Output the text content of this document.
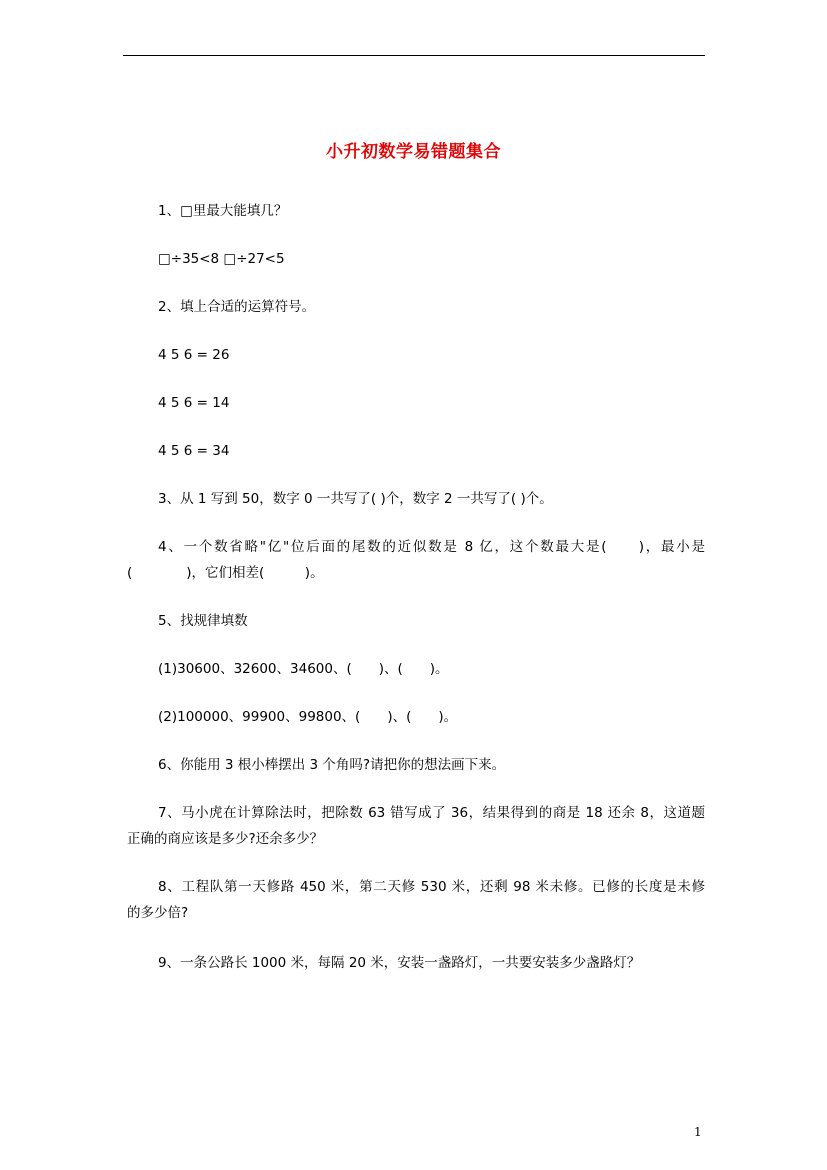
小升初数学易错题集合
1、□里最大能填几？
□÷35<8 □÷27<5
2、填上合适的运算符号。
4 5 6 = 26
4 5 6 = 14
4 5 6 = 34
3、从 1 写到 50，数字 0 一共写了( )个，数字 2 一共写了( )个。
4、一个数省略"亿"位后面的尾数的近似数是 8 亿，这个数最大是(　　)，最小是
(　　　　)，它们相差(　　　)。
5、找规律填数
(1)30600、32600、34600、(　　)、(　　)。
(2)100000、99900、99800、(　　)、(　　)。
6、你能用 3 根小棒摆出 3 个角吗?请把你的想法画下来。
7、马小虎在计算除法时，把除数 63 错写成了 36，结果得到的商是 18 还余 8，这道题
正确的商应该是多少?还余多少？
8、工程队第一天修路 450 米，第二天修 530 米，还剩 98 米未修。已修的长度是未修
的多少倍?
9、一条公路长 1000 米，每隔 20 米，安装一盏路灯，一共要安装多少盏路灯？
1
